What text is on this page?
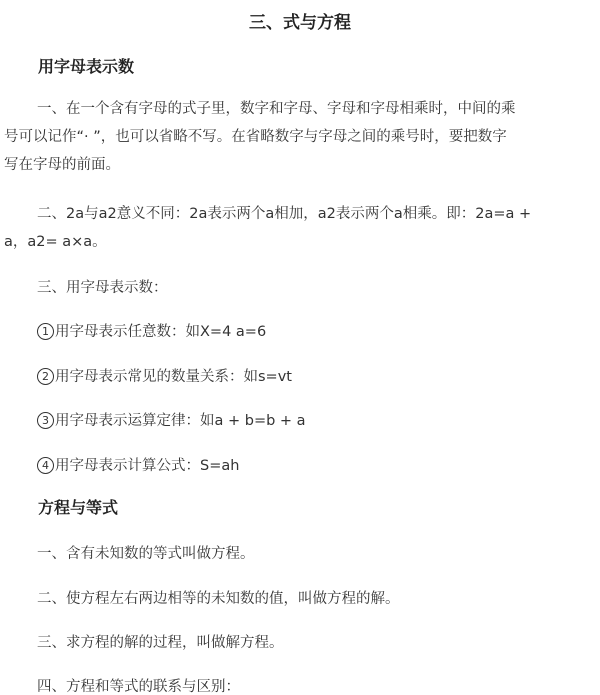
三、式与方程
用字母表示数
一、在一个含有字母的式子里，数字和字母、字母和字母相乘时，中间的乘
号可以记作“· ”，也可以省略不写。在省略数字与字母之间的乘号时，要把数字
写在字母的前面。
二、2a与a2意义不同：2a表示两个a相加，a2表示两个a相乘。即：2a=a +
a，a2= a×a。
三、用字母表示数：
1 用字母表示任意数：如X=4 a=6
2 用字母表示常见的数量关系：如s=vt
3 用字母表示运算定律：如a + b=b + a
4 用字母表示计算公式：S=ah
方程与等式
一、含有未知数的等式叫做方程。
二、使方程左右两边相等的未知数的值，叫做方程的解。
三、求方程的解的过程，叫做解方程。
四、方程和等式的联系与区别：
